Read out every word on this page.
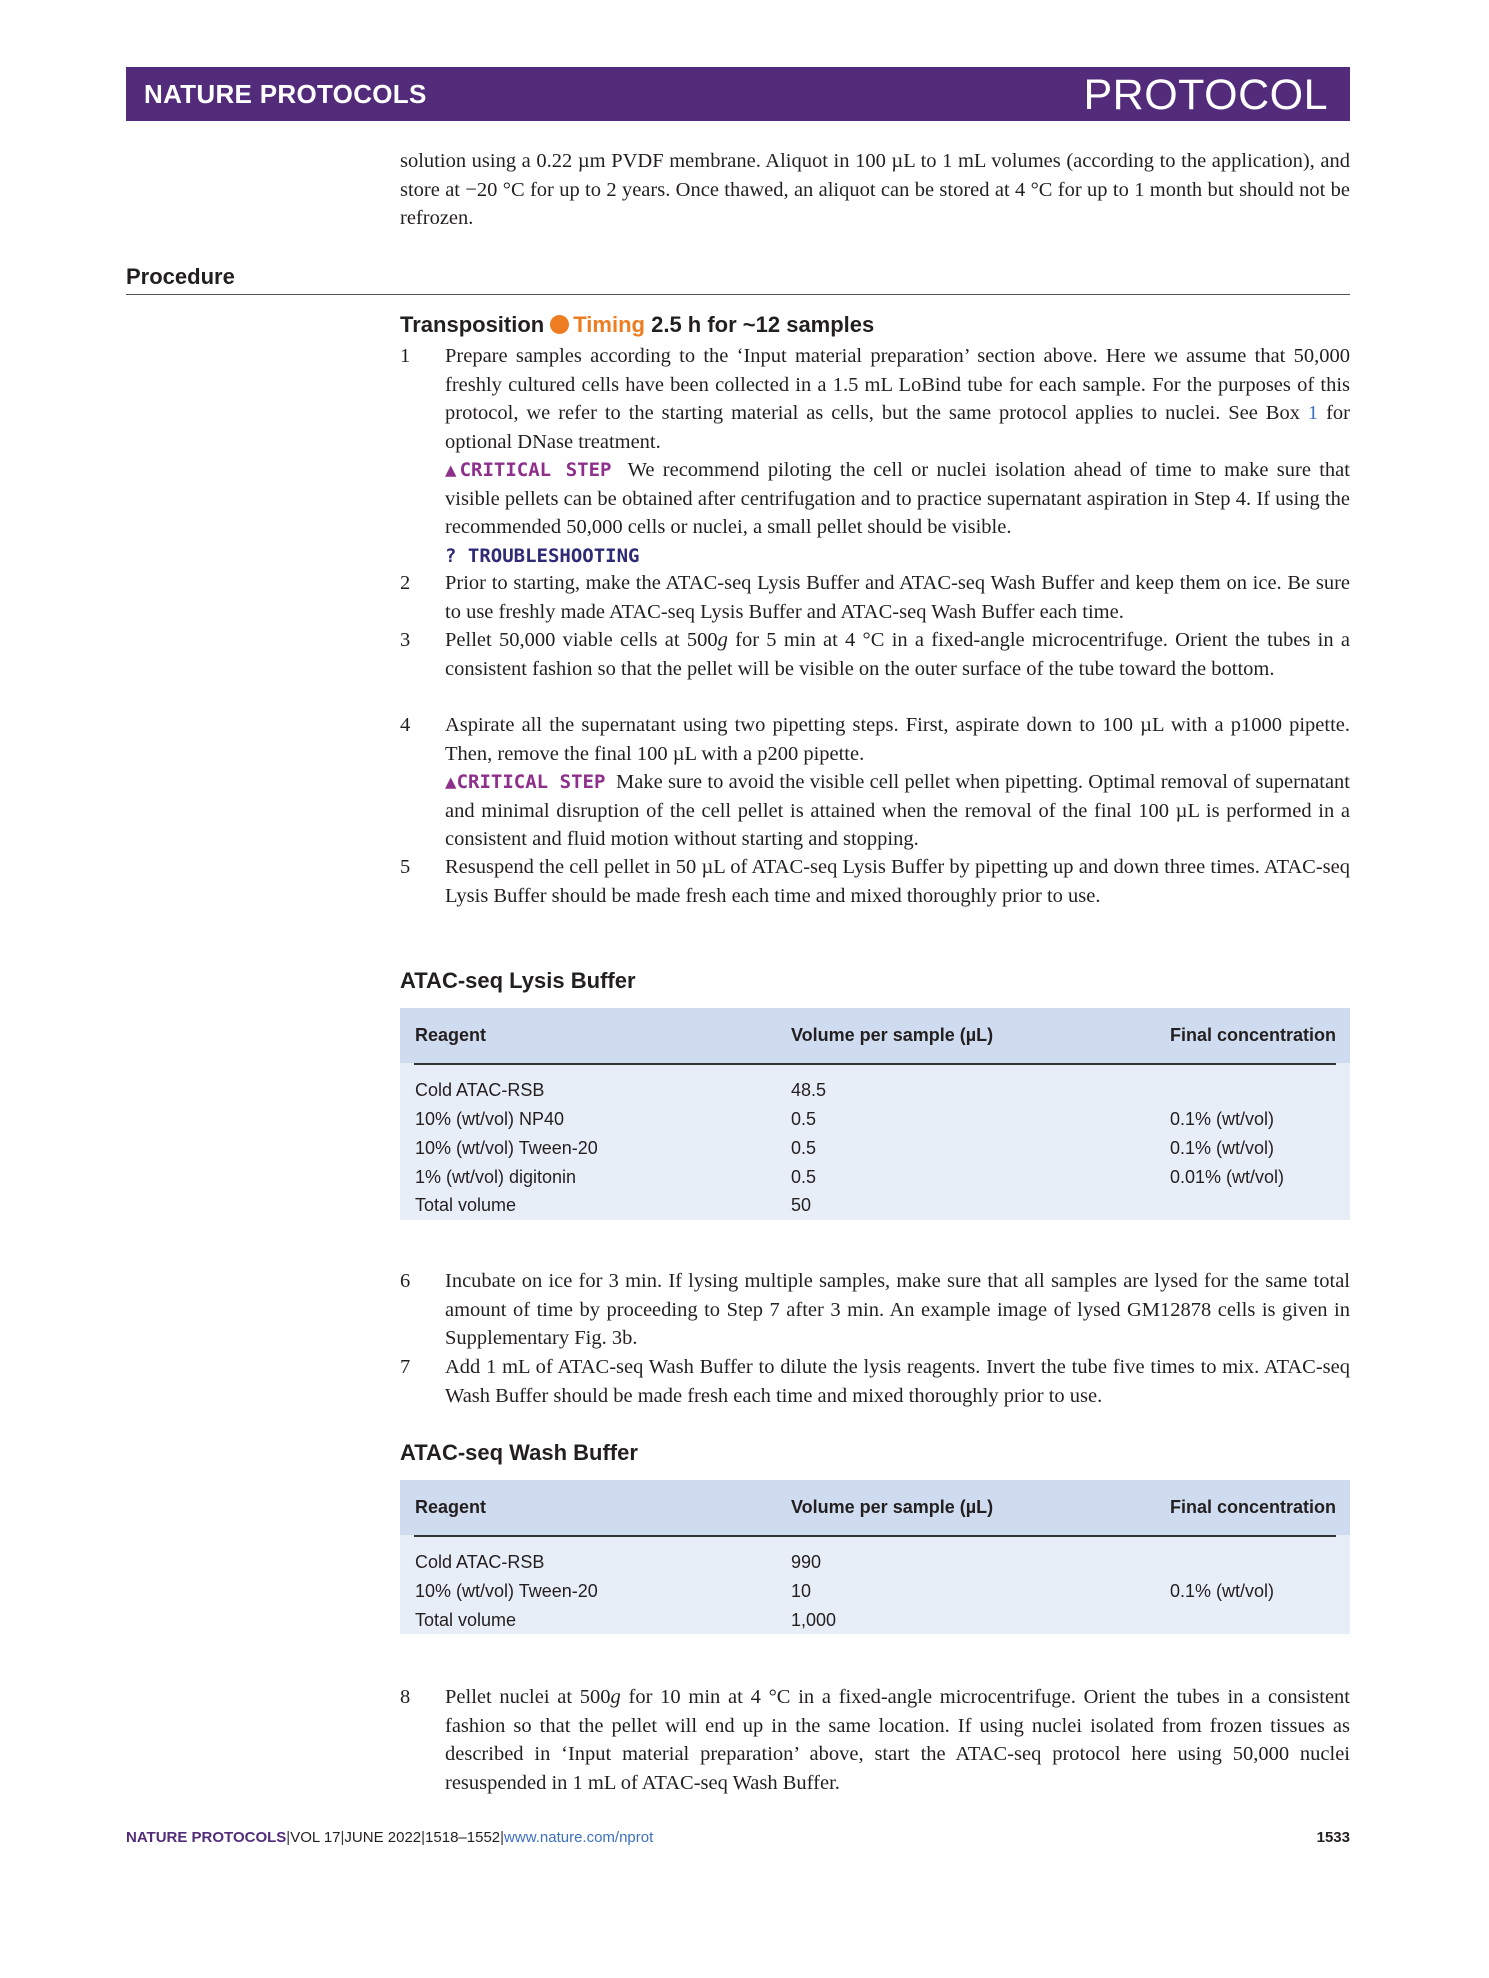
NATURE PROTOCOLS	PROTOCOL
solution using a 0.22 µm PVDF membrane. Aliquot in 100 µL to 1 mL volumes (according to the application), and store at −20 °C for up to 2 years. Once thawed, an aliquot can be stored at 4 °C for up to 1 month but should not be refrozen.
Procedure
Transposition Timing 2.5 h for ~12 samples
1 Prepare samples according to the ‘Input material preparation’ section above. Here we assume that 50,000 freshly cultured cells have been collected in a 1.5 mL LoBind tube for each sample. For the purposes of this protocol, we refer to the starting material as cells, but the same protocol applies to nuclei. See Box 1 for optional DNase treatment.
▲CRITICAL STEP We recommend piloting the cell or nuclei isolation ahead of time to make sure that visible pellets can be obtained after centrifugation and to practice supernatant aspiration in Step 4. If using the recommended 50,000 cells or nuclei, a small pellet should be visible.
? TROUBLESHOOTING
2 Prior to starting, make the ATAC-seq Lysis Buffer and ATAC-seq Wash Buffer and keep them on ice. Be sure to use freshly made ATAC-seq Lysis Buffer and ATAC-seq Wash Buffer each time.
3 Pellet 50,000 viable cells at 500g for 5 min at 4 °C in a fixed-angle microcentrifuge. Orient the tubes in a consistent fashion so that the pellet will be visible on the outer surface of the tube toward the bottom.
4 Aspirate all the supernatant using two pipetting steps. First, aspirate down to 100 µL with a p1000 pipette. Then, remove the final 100 µL with a p200 pipette.
▲CRITICAL STEP Make sure to avoid the visible cell pellet when pipetting. Optimal removal of supernatant and minimal disruption of the cell pellet is attained when the removal of the final 100 µL is performed in a consistent and fluid motion without starting and stopping.
5 Resuspend the cell pellet in 50 µL of ATAC-seq Lysis Buffer by pipetting up and down three times. ATAC-seq Lysis Buffer should be made fresh each time and mixed thoroughly prior to use.
ATAC-seq Lysis Buffer
Reagent	Volume per sample (µL)	Final concentration
Cold ATAC-RSB	48.5
10% (wt/vol) NP40	0.5	0.1% (wt/vol)
10% (wt/vol) Tween-20	0.5	0.1% (wt/vol)
1% (wt/vol) digitonin	0.5	0.01% (wt/vol)
Total volume	50
6 Incubate on ice for 3 min. If lysing multiple samples, make sure that all samples are lysed for the same total amount of time by proceeding to Step 7 after 3 min. An example image of lysed GM12878 cells is given in Supplementary Fig. 3b.
7 Add 1 mL of ATAC-seq Wash Buffer to dilute the lysis reagents. Invert the tube five times to mix. ATAC-seq Wash Buffer should be made fresh each time and mixed thoroughly prior to use.
ATAC-seq Wash Buffer
Reagent	Volume per sample (µL)	Final concentration
Cold ATAC-RSB	990
10% (wt/vol) Tween-20	10	0.1% (wt/vol)
Total volume	1,000
8 Pellet nuclei at 500g for 10 min at 4 °C in a fixed-angle microcentrifuge. Orient the tubes in a consistent fashion so that the pellet will end up in the same location. If using nuclei isolated from frozen tissues as described in ‘Input material preparation’ above, start the ATAC-seq protocol here using 50,000 nuclei resuspended in 1 mL of ATAC-seq Wash Buffer.
NATURE PROTOCOLS|VOL 17|JUNE 2022|1518–1552|www.nature.com/nprot	1533
